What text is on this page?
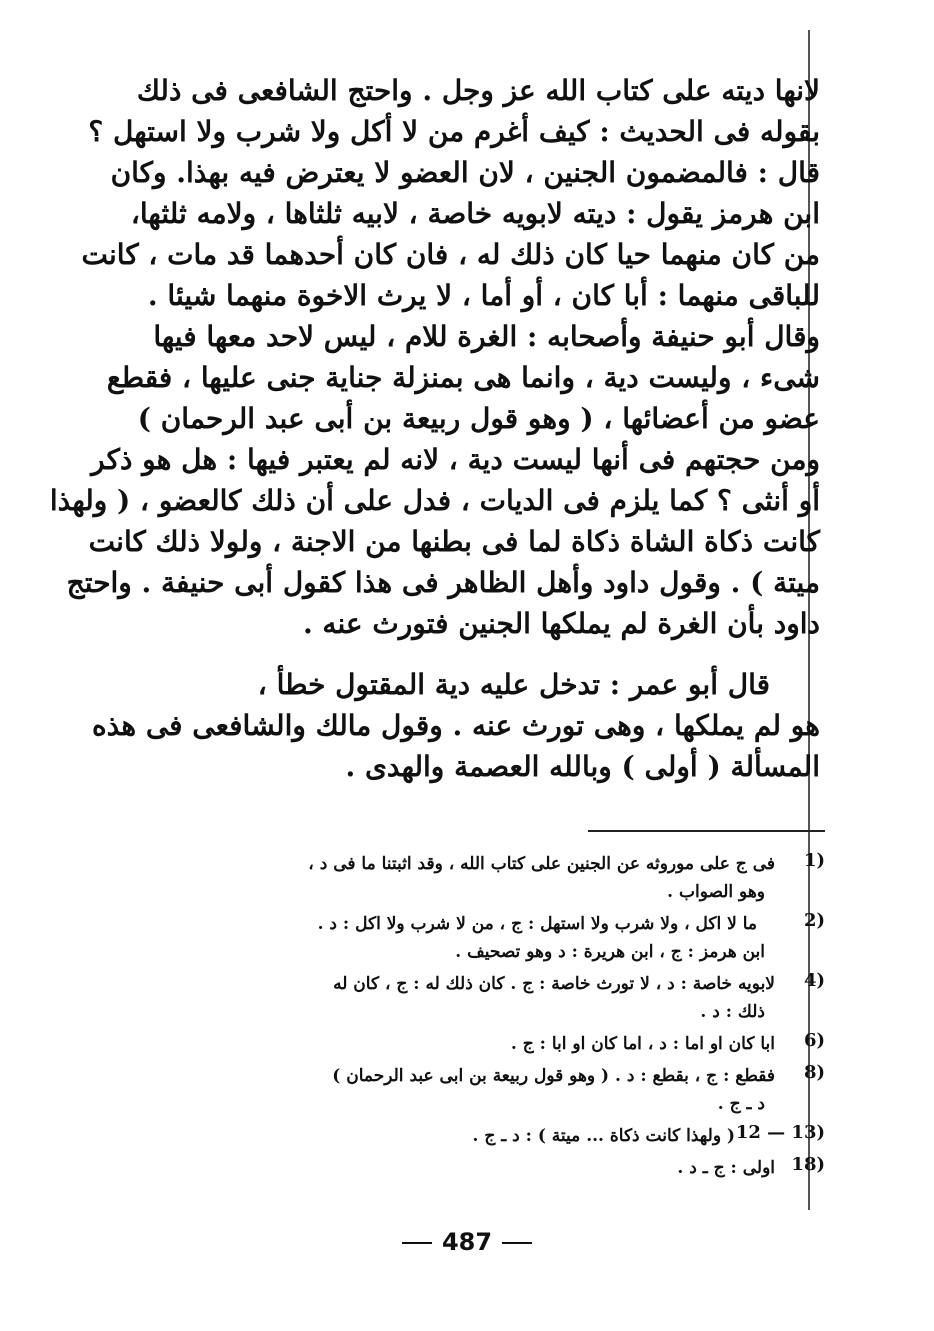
لانها ديته على كتاب الله عز وجل . واحتج الشافعى فى ذلك
بقوله فى الحديث : كيف أغرم من لا أكل ولا شرب ولا استهل ؟
قال : فالمضمون الجنين ، لان العضو لا يعترض فيه بهذا. وكان
ابن هرمز يقول : ديته لابويه خاصة ، لابيه ثلثاها ، ولامه ثلثها،
من كان منهما حيا كان ذلك له ، فان كان أحدهما قد مات ، كانت
للباقى منهما : أبا كان ، أو أما ، لا يرث الاخوة منهما شيئا .
وقال أبو حنيفة وأصحابه : الغرة للام ، ليس لاحد معها فيها
شىء ، وليست دية ، وانما هى بمنزلة جناية جنى عليها ، فقطع
عضو من أعضائها ، ( وهو قول ربيعة بن أبى عبد الرحمان )
ومن حجتهم فى أنها ليست دية ، لانه لم يعتبر فيها : هل هو ذكر
أو أنثى ؟ كما يلزم فى الديات ، فدل على أن ذلك كالعضو ، ( ولهذا
كانت ذكاة الشاة ذكاة لما فى بطنها من الاجنة ، ولولا ذلك كانت
ميتة ) . وقول داود وأهل الظاهر فى هذا كقول أبى حنيفة . واحتج
داود بأن الغرة لم يملكها الجنين فتورث عنه .
قال أبو عمر : تدخل عليه دية المقتول خطأ ،
هو لم يملكها ، وهى تورث عنه . وقول مالك والشافعى فى هذه
المسألة ( أولى ) وبالله العصمة والهدى .
1)
فى ج على موروثه عن الجنين على كتاب الله ، وقد اثبتنا ما فى د ،
وهو الصواب .
2)
ما لا اكل ، ولا شرب ولا استهل : ج ، من لا شرب ولا اكل : د .
ابن هرمز : ج ، ابن هريرة : د وهو تصحيف .
4)
لابويه خاصة : د ، لا تورث خاصة : ج . كان ذلك له : ج ، كان له
ذلك : د .
6)
ابا كان او اما : د ، اما كان او ابا : ج .
8)
فقطع : ج ، بقطع : د . ( وهو قول ربيعة بن ابى عبد الرحمان )
د ـ ج .
12 — 13)
( ولهذا كانت ذكاة ... ميتة ) : د ـ ج .
18)
اولى : ج ـ د .
487
